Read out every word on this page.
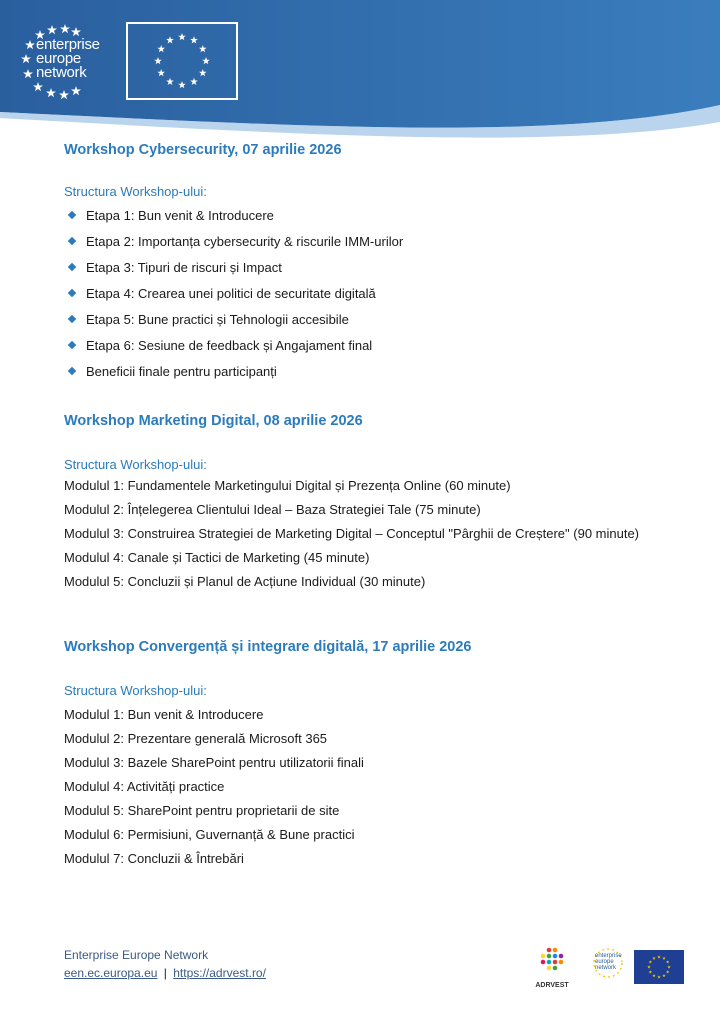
enterprise
europe
network
Workshop Cybersecurity, 07 aprilie 2026
Structura Workshop-ului:
Etapa 1: Bun venit & Introducere
Etapa 2: Importanța cybersecurity & riscurile IMM-urilor
Etapa 3: Tipuri de riscuri și Impact
Etapa 4: Crearea unei politici de securitate digitală
Etapa 5: Bune practici și Tehnologii accesibile
Etapa 6: Sesiune de feedback și Angajament final
Beneficii finale pentru participanți
Workshop Marketing Digital, 08 aprilie 2026
Structura Workshop-ului:
Modulul 1: Fundamentele Marketingului Digital și Prezența Online (60 minute)
Modulul 2: Înțelegerea Clientului Ideal – Baza Strategiei Tale (75 minute)
Modulul 3: Construirea Strategiei de Marketing Digital – Conceptul "Pârghii de Creștere" (90 minute)
Modulul 4: Canale și Tactici de Marketing (45 minute)
Modulul 5: Concluzii și Planul de Acțiune Individual (30 minute)
Workshop Convergență și integrare digitală, 17 aprilie 2026
Structura Workshop-ului:
Modulul 1: Bun venit & Introducere
Modulul 2: Prezentare generală Microsoft 365
Modulul 3: Bazele SharePoint pentru utilizatorii finali
Modulul 4: Activități practice
Modulul 5: SharePoint pentru proprietarii de site
Modulul 6: Permisiuni, Guvernanță & Bune practici
Modulul 7: Concluzii & Întrebări
Enterprise Europe Network
een.ec.europa.eu | https://adrvest.ro/
ADRVEST
enterprise
europe
network
